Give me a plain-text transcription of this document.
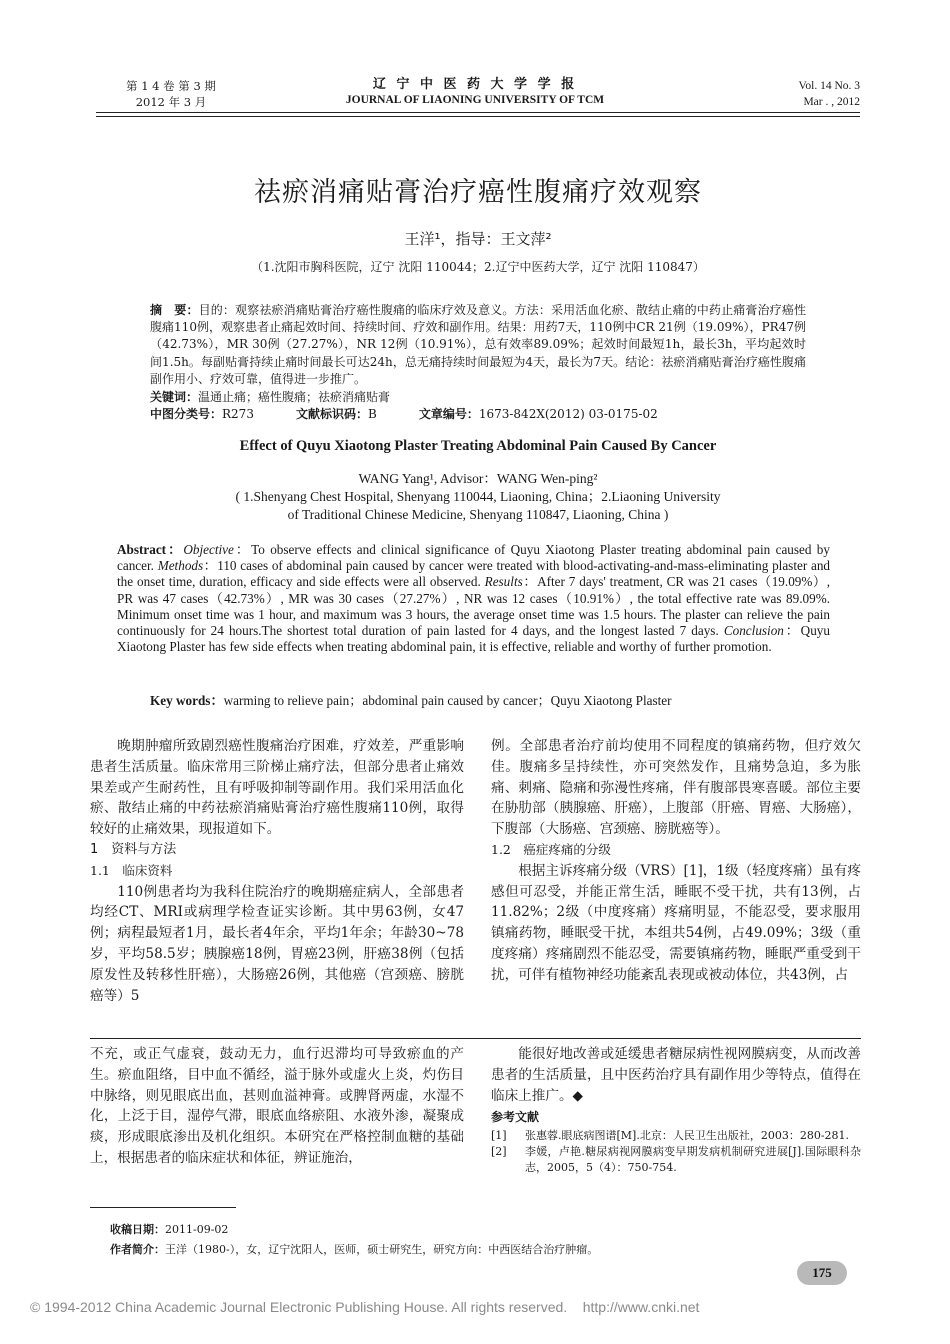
第 1 4 卷 第 3 期
2012 年 3 月
辽 宁 中 医 药 大 学 学 报
JOURNAL OF LIAONING UNIVERSITY OF TCM
Vol. 14 No. 3
Mar . , 2012
祛瘀消痛贴膏治疗癌性腹痛疗效观察
王洋¹，指导：王文萍²
（1.沈阳市胸科医院，辽宁 沈阳 110044；2.辽宁中医药大学，辽宁 沈阳 110847）
摘　要：目的：观察祛瘀消痛贴膏治疗癌性腹痛的临床疗效及意义。方法：采用活血化瘀、散结止痛的中药止痛膏治疗癌性腹痛110例，观察患者止痛起效时间、持续时间、疗效和副作用。结果：用药7天，110例中CR 21例（19.09%），PR47例（42.73%），MR 30例（27.27%），NR 12例（10.91%），总有效率89.09%；起效时间最短1h，最长3h，平均起效时间1.5h。每副贴膏持续止痛时间最长可达24h，总无痛持续时间最短为4天，最长为7天。结论：祛瘀消痛贴膏治疗癌性腹痛副作用小、疗效可靠，值得进一步推广。
关键词：温通止痛；癌性腹痛；祛瘀消痛贴膏
中图分类号：R273	文献标识码：B	文章编号：1673-842X(2012) 03-0175-02
Effect of Quyu Xiaotong Plaster Treating Abdominal Pain Caused By Cancer
WANG Yang¹, Advisor：WANG Wen-ping²
( 1.Shenyang Chest Hospital, Shenyang 110044, Liaoning, China；2.Liaoning University
of Traditional Chinese Medicine, Shenyang 110847, Liaoning, China )
Abstract：Objective：To observe effects and clinical significance of Quyu Xiaotong Plaster treating abdominal pain caused by cancer. Methods：110 cases of abdominal pain caused by cancer were treated with blood-activating-and-mass-eliminating plaster and the onset time, duration, efficacy and side effects were all observed. Results：After 7 days' treatment, CR was 21 cases（19.09%）, PR was 47 cases（42.73%）, MR was 30 cases（27.27%）, NR was 12 cases（10.91%）, the total effective rate was 89.09%. Minimum onset time was 1 hour, and maximum was 3 hours, the average onset time was 1.5 hours. The plaster can relieve the pain continuously for 24 hours.The shortest total duration of pain lasted for 4 days, and the longest lasted 7 days. Conclusion：Quyu Xiaotong Plaster has few side effects when treating abdominal pain, it is effective, reliable and worthy of further promotion.
Key words：warming to relieve pain；abdominal pain caused by cancer；Quyu Xiaotong Plaster

晚期肿瘤所致剧烈癌性腹痛治疗困难，疗效差，严重影响患者生活质量。临床常用三阶梯止痛疗法，但部分患者止痛效果差或产生耐药性，且有呼吸抑制等副作用。我们采用活血化瘀、散结止痛的中药祛瘀消痛贴膏治疗癌性腹痛110例，取得较好的止痛效果，现报道如下。

1　资料与方法

1.1　临床资料

110例患者均为我科住院治疗的晚期癌症病人，全部患者均经CT、MRI或病理学检查证实诊断。其中男63例，女47例；病程最短者1月，最长者4年余，平均1年余；年龄30~78岁，平均58.5岁；胰腺癌18例，胃癌23例，肝癌38例（包括原发性及转移性肝癌），大肠癌26例，其他癌（宫颈癌、膀胱癌等）5

例。全部患者治疗前均使用不同程度的镇痛药物，但疗效欠佳。腹痛多呈持续性，亦可突然发作，且痛势急迫，多为胀痛、刺痛、隐痛和弥漫性疼痛，伴有腹部畏寒喜暖。部位主要在胁肋部（胰腺癌、肝癌），上腹部（肝癌、胃癌、大肠癌），下腹部（大肠癌、宫颈癌、膀胱癌等）。

1.2　癌症疼痛的分级

根据主诉疼痛分级（VRS）[1]，1级（轻度疼痛）虽有疼感但可忍受，并能正常生活，睡眠不受干扰，共有13例，占11.82%；2级（中度疼痛）疼痛明显，不能忍受，要求服用镇痛药物，睡眠受干扰，本组共54例，占49.09%；3级（重度疼痛）疼痛剧烈不能忍受，需要镇痛药物，睡眠严重受到干扰，可伴有植物神经功能紊乱表现或被动体位，共43例，占

不充，或正气虚衰，鼓动无力，血行迟滞均可导致瘀血的产生。瘀血阻络，目中血不循经，溢于脉外或虚火上炎，灼伤目中脉络，则见眼底出血，甚则血溢神膏。或脾肾两虚，水湿不化，上泛于目，湿停气滞，眼底血络瘀阻、水液外渗，凝聚成痰，形成眼底渗出及机化组织。本研究在严格控制血糖的基础上，根据患者的临床症状和体征，辨证施治，

能很好地改善或延缓患者糖尿病性视网膜病变，从而改善患者的生活质量，且中医药治疗具有副作用少等特点，值得在临床上推广。◆

参考文献
[1]	张惠蓉.眼底病图谱[M].北京：人民卫生出版社，2003：280-281.
[2]	李媛，卢艳.糖尿病视网膜病变早期发病机制研究进展[J].国际眼科杂志，2005，5（4）：750-754.
收稿日期：2011-09-02
作者简介：王洋（1980-），女，辽宁沈阳人，医师，硕士研究生，研究方向：中西医结合治疗肿瘤。
175
© 1994-2012 China Academic Journal Electronic Publishing House. All rights reserved.    http://www.cnki.net
